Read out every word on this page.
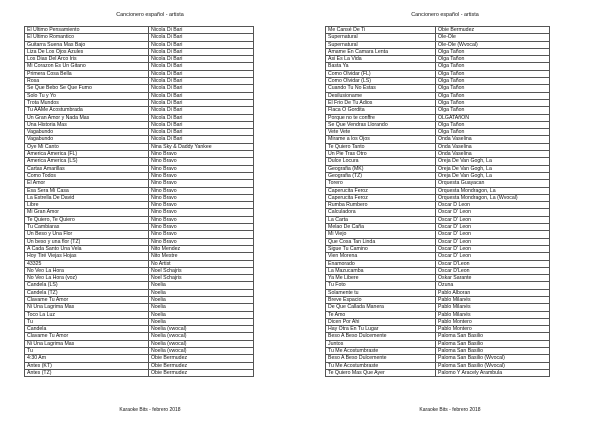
Cancionero español - artista
El Ultimo Pensamiento	Nicola Di Bari
El Ultimo Romantico	Nicola Di Bari
Guitarra Suena Mas Bajo	Nicola Di Bari
Liza De Los Ojos Azules	Nicola Di Bari
Los Dias Del Arco Iris	Nicola Di Bari
Mi Corazon Es Un Gitano	Nicola Di Bari
Primera Cosa Bella	Nicola Di Bari
Rosa	Nicola Di Bari
Se Que Bebo Se Que Fumo	Nicola Di Bari
Solo Tu y Yo	Nicola Di Bari
Trota Mundos	Nicola Di Bari
Tu AAMe Acostumbrada	Nicola Di Bari
Un Gran Amor y Nada Mas	Nicola Di Bari
Una Historia Mas	Nicola Di Bari
Vagabundo	Nicola Di Bari
Vagabundo	Nicola Di Bari
Oye Mi Canto	Nina Sky & Daddy Yankee
America America (FL)	Nino Bravo
America America (LS)	Nino Bravo
Cartas Amarillas	Nino Bravo
Como Todos	Nino Bravo
El Amor	Nino Bravo
Esa Sera Mi Casa	Nino Bravo
La Estrella De David	Nino Bravo
Libre	Nino Bravo
Mi Gran Amor	Nino Bravo
Te Quiero, Te Quiero	Nino Bravo
Tu Cambiaras	Nino Bravo
Un Beso y Una Flor	Nino Bravo
Un beso y una flor (TZ)	Nino Bravo
A Cada Santo Una Vela	Nito Mendez
Hoy Tiré Viejas Hojas	Nito Mestre
43325	No Artist
No Veo La Hora	Noel Schajris
No Veo La Hora (voz)	Noel Schajris
Candela (LS)	Noelia
Candela (TZ)	Noelia
Clavame Tu Amor	Noelia
Ni Una Lagrima Mas	Noelia
Toco La Luz	Noelia
Tu	Noelia
Candela	Noelia (vwocal)
Clavame Tu Amor	Noelia (vwocal)
Ni Una Lagrima Mas	Noelia (vwocal)
Tu	Noelia (vwocal)
4:30 Am	Obie Bermudez
Antes (KT)	Obie Bermudez
Antes (TZ)	Obie Bermudez
Karaoke Bits - febrero 2018
Cancionero español - artista
Me Cansé De Ti	Obie Bermudez
Supernatural	Ole-Ole
Supernatural	Ole-Ole (Wvocal)
Amame En Camara Lenta	Olga Tañon
Asi Es La Vida	Olga Tañon
Basta Ya	Olga Tañon
Como Olvidar (FL)	Olga Tañon
Como Olvidar (LS)	Olga Tañon
Cuando Tu No Estas	Olga Tañon
Desilusioname	Olga Tañon
El Frio De Tu Adios	Olga Tañon
Flaca O Gordita	Olga Tañon
Porque no te conffre	OLGATAñON
Se Que Vendras Llorando	Olga Tañon
Vete Vete	Olga Tañon
Mirame a los Ojos	Onda Vaselina
Te Quiero Tanto	Onda Vaselina
Un Pie Tras Otro	Onda Vaselina
Dulce Locura	Oreja De Van Gogh, La
Geografia (MK)	Oreja De Van Gogh, La
Geografia (TZ)	Oreja De Van Gogh, La
Torero	Orquesta Guayacan
Caperucita Feroz	Orquesta Mondragon, La
Caperucita Feroz	Orquesta Mondragon, La (Wvocal)
Rumba Rumbero	Oscar D Leon
Calculadora	Oscar D' Leon
La Carta	Oscar D' Leon
Melao De Caña	Oscar D' Leon
Mi Viejo	Oscar D' Leon
Que Cosa Tan Linda	Oscar D' Leon
Sigue Tu Camino	Oscar D' Leon
Vien Morena	Oscar D' Leon
Enamorado	Oscar D'Leon
La Mazucamba	Oscar D'Leon
Ya Me Libere	Oskar Sarante
Tu Foto	Ozuna
Solamente tu	Pablo Alboran
Breve Espacio	Pablo Milanés
De Que Callada Manera	Pablo Milanés
Te Amo	Pablo Milanés
Dicen Por Ahi	Pablo Montero
Hay Otra En Tu Lugar	Pablo Montero
Beso A Beso Dulcemente	Paloma San Basilio
Juntos	Paloma San Basilio
Tu Me Acostumbraste	Paloma San Basilio
Beso A Beso Dulcemente	Paloma San Basilio (Wvocal)
Tu Me Acostumbraste	Paloma San Basilio (Wvocal)
Te Quiero Mas Que Ayer	Palomo Y Aracely Arambula
Karaoke Bits - febrero 2018
